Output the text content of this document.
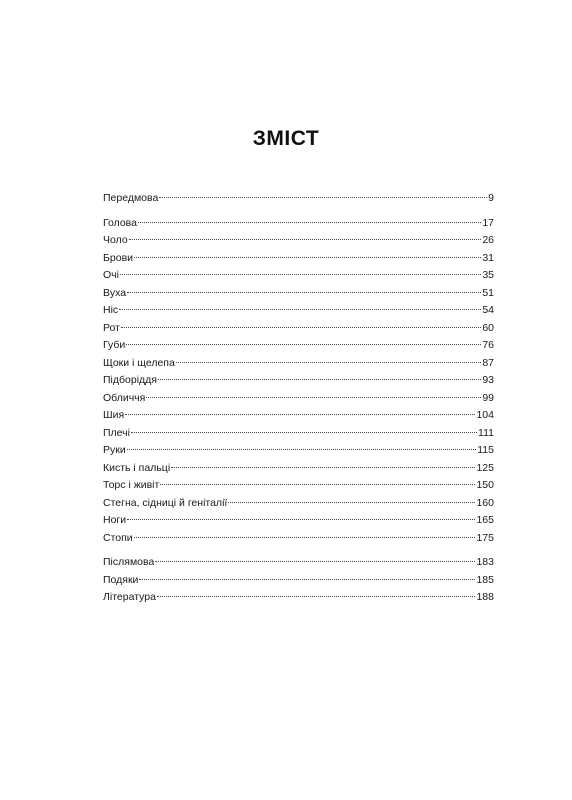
ЗМІСТ
Передмова	9
Голова	17
Чоло	26
Брови	31
Очі	35
Вуха	51
Ніс	54
Рот	60
Губи	76
Щоки і щелепа	87
Підборіддя	93
Обличчя	99
Шия	104
Плечі	111
Руки	115
Кисть і пальці	125
Торс і живіт	150
Стегна, сідниці й геніталії	160
Ноги	165
Стопи	175
Післямова	183
Подяки	185
Література	188
